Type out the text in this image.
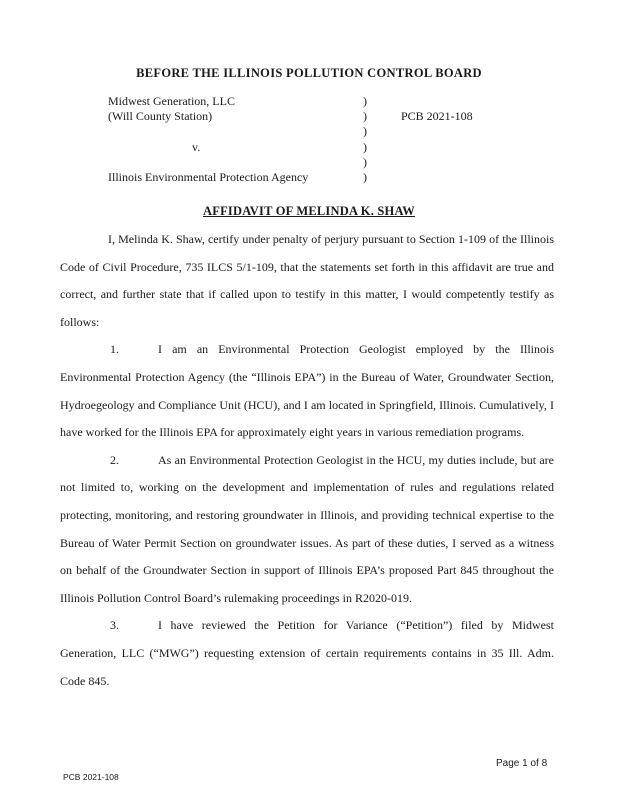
BEFORE THE ILLINOIS POLLUTION CONTROL BOARD
Midwest Generation, LLC	)
(Will County Station)	)	PCB 2021-108
)
v.	)
)
Illinois Environmental Protection Agency	)
AFFIDAVIT OF MELINDA K. SHAW

I, Melinda K. Shaw, certify under penalty of perjury pursuant to Section 1-109 of the Illinois Code of Civil Procedure, 735 ILCS 5/1-109, that the statements set forth in this affidavit are true and correct, and further state that if called upon to testify in this matter, I would competently testify as follows:

1.	I am an Environmental Protection Geologist employed by the Illinois Environmental Protection Agency (the “Illinois EPA”) in the Bureau of Water, Groundwater Section, Hydroegeology and Compliance Unit (HCU), and I am located in Springfield, Illinois. Cumulatively, I have worked for the Illinois EPA for approximately eight years in various remediation programs.

2.	As an Environmental Protection Geologist in the HCU, my duties include, but are not limited to, working on the development and implementation of rules and regulations related protecting, monitoring, and restoring groundwater in Illinois, and providing technical expertise to the Bureau of Water Permit Section on groundwater issues. As part of these duties, I served as a witness on behalf of the Groundwater Section in support of Illinois EPA’s proposed Part 845 throughout the Illinois Pollution Control Board’s rulemaking proceedings in R2020-019.

3.	I have reviewed the Petition for Variance (“Petition”) filed by Midwest Generation, LLC (“MWG”) requesting extension of certain requirements contains in 35 Ill. Adm. Code 845.

Page 1 of 8
PCB 2021-108
